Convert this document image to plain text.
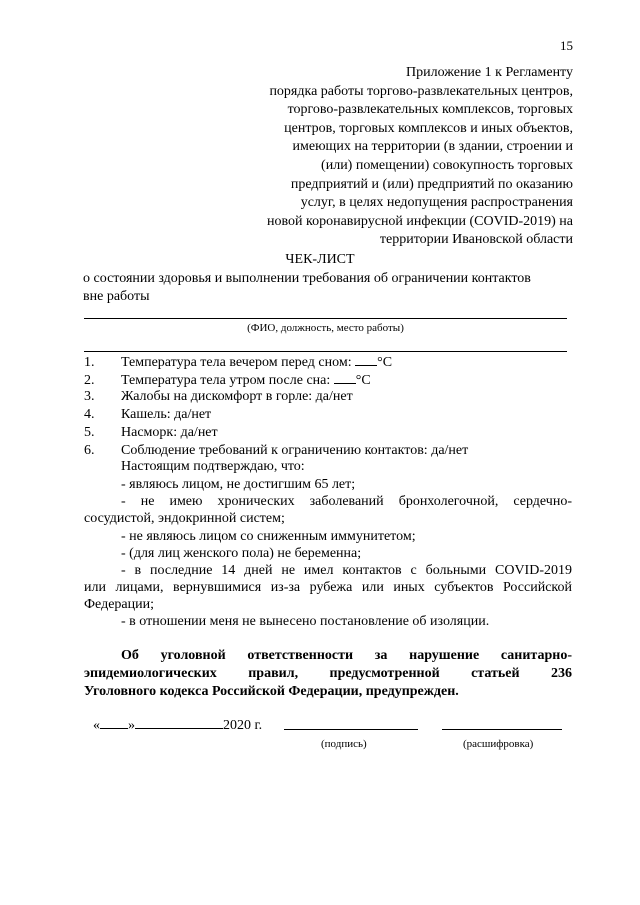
15
Приложение 1 к Регламенту
порядка работы торгово-развлекательных центров,
торгово-развлекательных комплексов, торговых
центров, торговых комплексов и иных объектов,
имеющих на территории (в здании, строении и
(или) помещении) совокупность торговых
предприятий и (или) предприятий по оказанию
услуг, в целях недопущения распространения
новой коронавирусной инфекции (COVID-2019) на
территории Ивановской области
ЧЕК-ЛИСТ
о состоянии здоровья и выполнении требования об ограничении контактов
вне работы
(ФИО, должность, место работы)
1. Температура тела вечером перед сном: °С
2. Температура тела утром после сна: °С
3. Жалобы на дискомфорт в горле: да/нет
4. Кашель: да/нет
5. Насморк: да/нет
6. Соблюдение требований к ограничению контактов: да/нет
Настоящим подтверждаю, что:
- являюсь лицом, не достигшим 65 лет;
- не имею хронических заболеваний бронхолегочной, сердечно-
сосудистой, эндокринной систем;
- не являюсь лицом со сниженным иммунитетом;
- (для лиц женского пола) не беременна;
- в последние 14 дней не имел контактов с больными COVID-2019
или лицами, вернувшимися из-за рубежа или иных субъектов Российской
Федерации;
- в отношении меня не вынесено постановление об изоляции.
Об уголовной ответственности за нарушение санитарно-
эпидемиологических правил, предусмотренной статьей 236
Уголовного кодекса Российской Федерации, предупрежден.
« »	2020 г.
(подпись)	(расшифровка)
